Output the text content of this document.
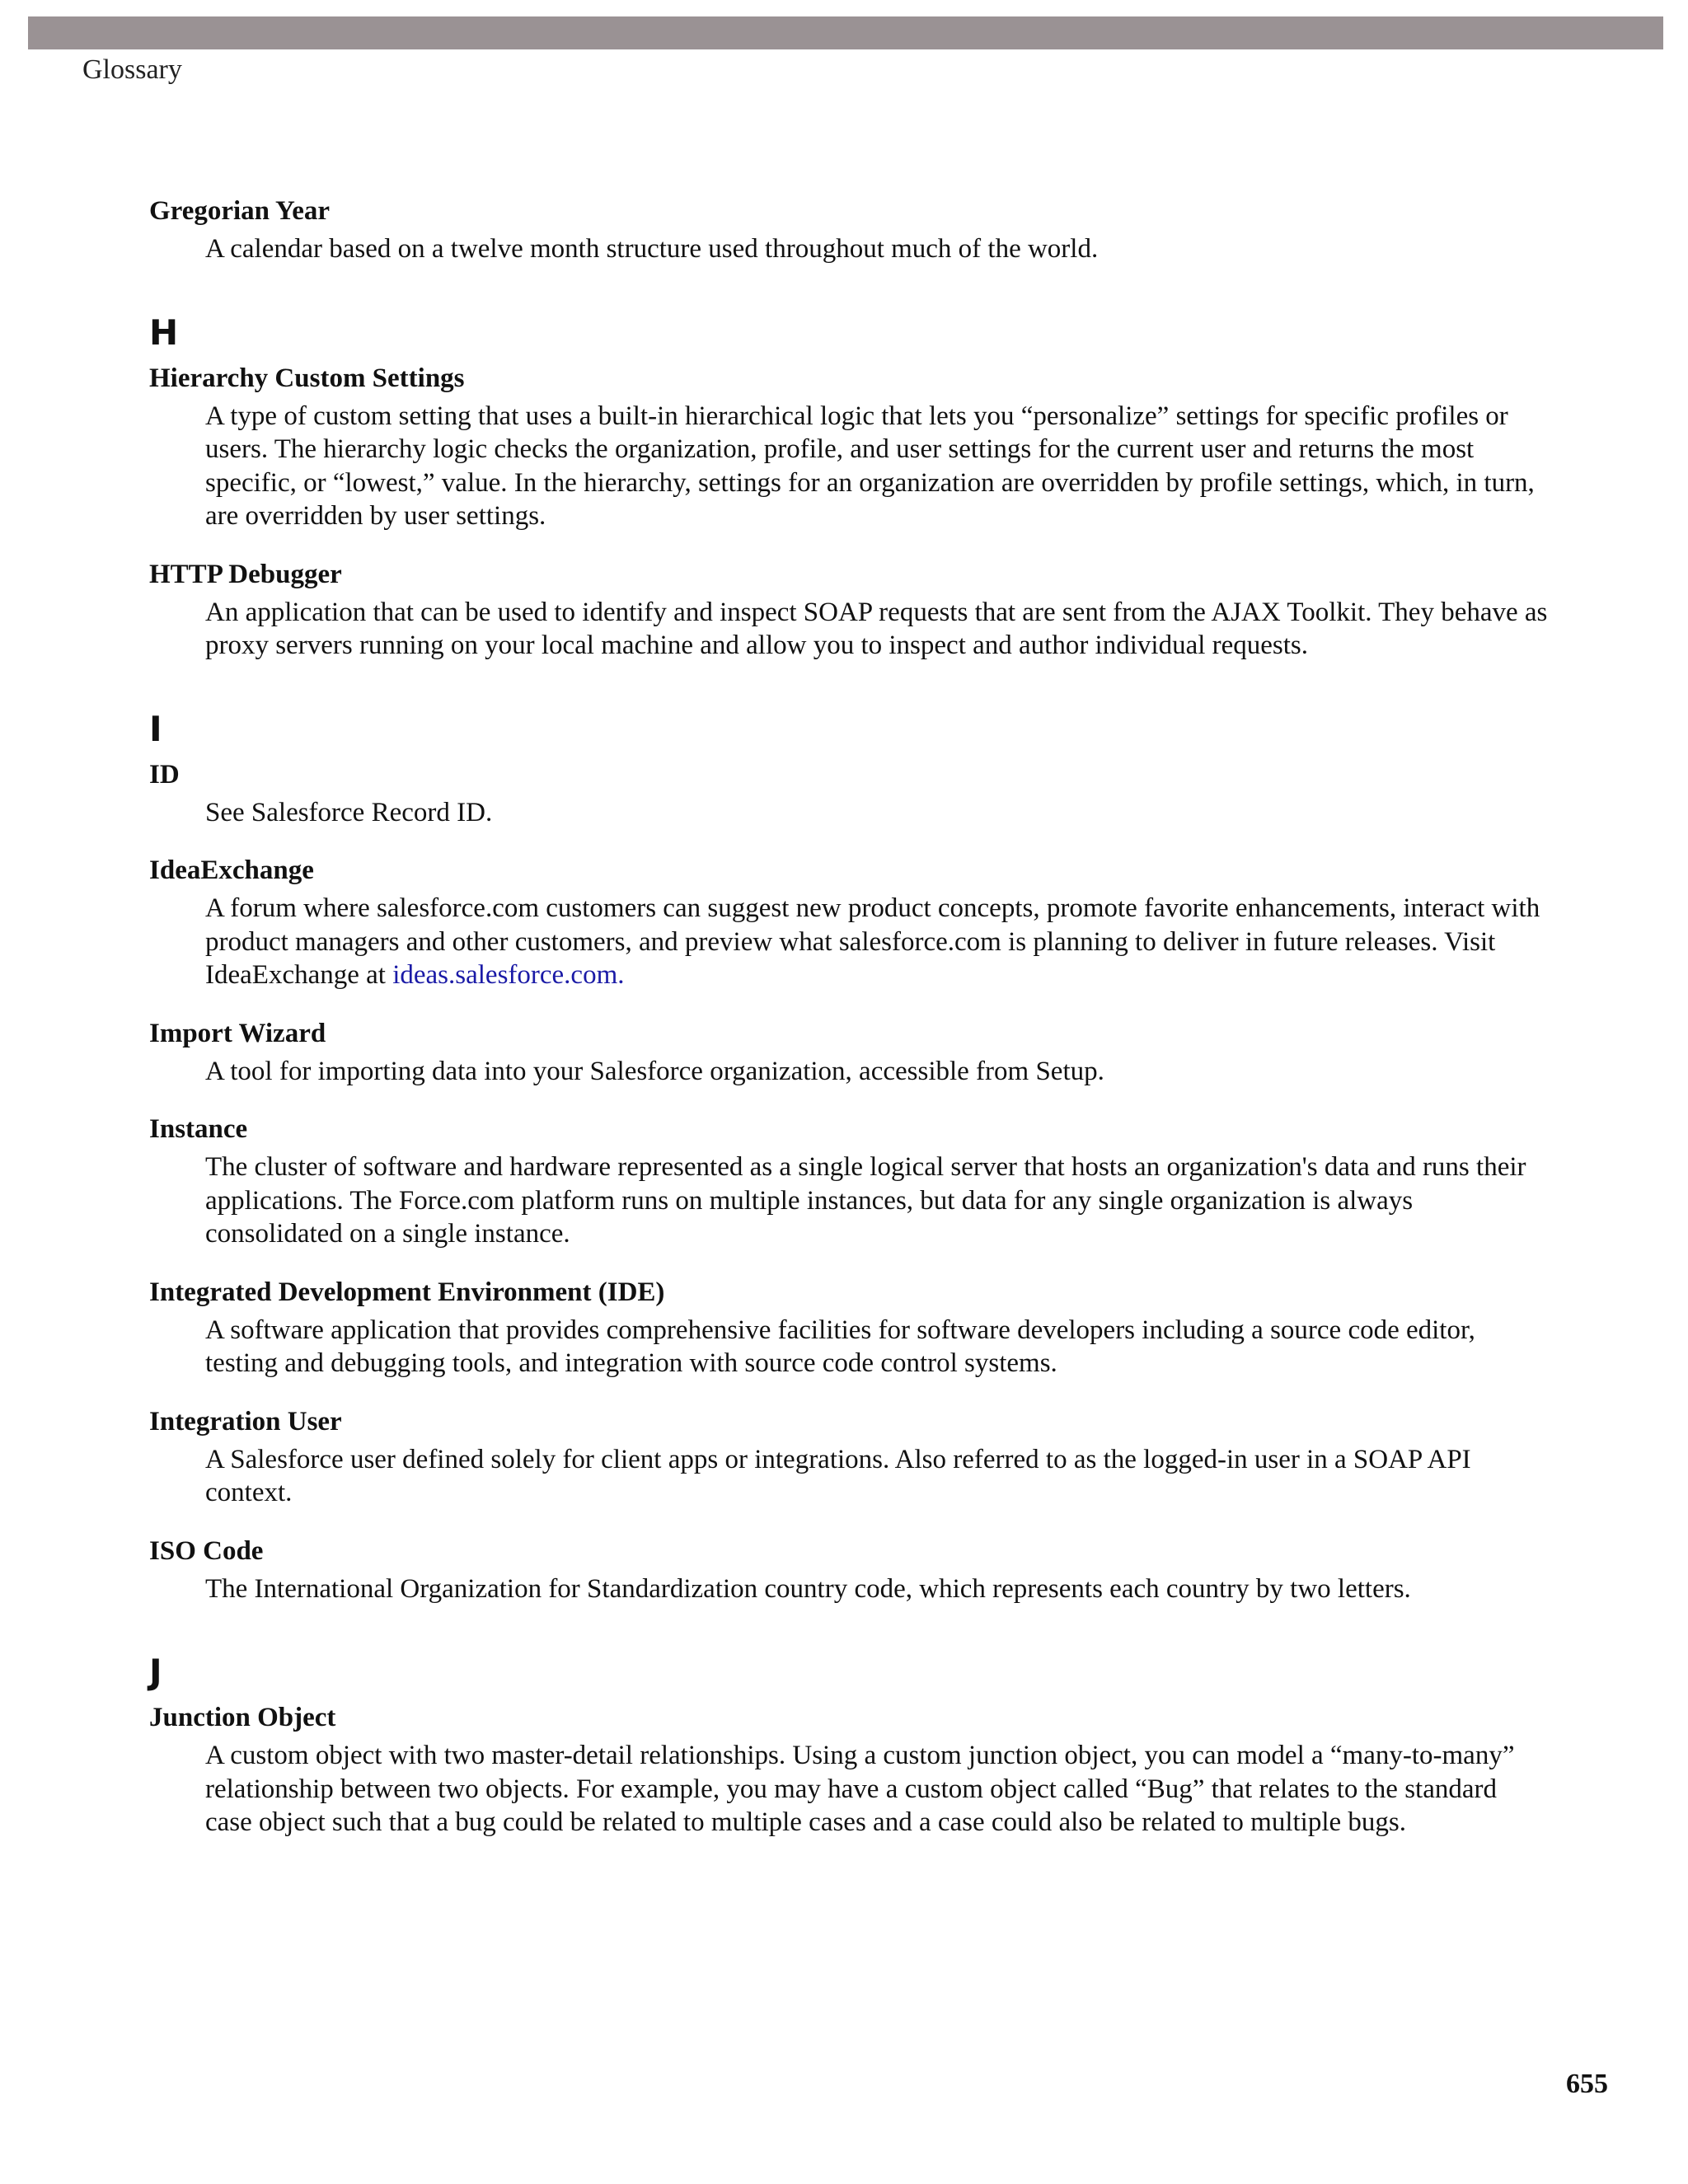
Glossary
Gregorian Year
A calendar based on a twelve month structure used throughout much of the world.
H
Hierarchy Custom Settings
A type of custom setting that uses a built-in hierarchical logic that lets you “personalize” settings for specific profiles or users. The hierarchy logic checks the organization, profile, and user settings for the current user and returns the most specific, or “lowest,” value. In the hierarchy, settings for an organization are overridden by profile settings, which, in turn, are overridden by user settings.
HTTP Debugger
An application that can be used to identify and inspect SOAP requests that are sent from the AJAX Toolkit. They behave as proxy servers running on your local machine and allow you to inspect and author individual requests.
I
ID
See Salesforce Record ID.
IdeaExchange
A forum where salesforce.com customers can suggest new product concepts, promote favorite enhancements, interact with product managers and other customers, and preview what salesforce.com is planning to deliver in future releases. Visit IdeaExchange at ideas.salesforce.com.
Import Wizard
A tool for importing data into your Salesforce organization, accessible from Setup.
Instance
The cluster of software and hardware represented as a single logical server that hosts an organization's data and runs their applications. The Force.com platform runs on multiple instances, but data for any single organization is always consolidated on a single instance.
Integrated Development Environment (IDE)
A software application that provides comprehensive facilities for software developers including a source code editor, testing and debugging tools, and integration with source code control systems.
Integration User
A Salesforce user defined solely for client apps or integrations. Also referred to as the logged-in user in a SOAP API context.
ISO Code
The International Organization for Standardization country code, which represents each country by two letters.
J
Junction Object
A custom object with two master-detail relationships. Using a custom junction object, you can model a “many-to-many” relationship between two objects. For example, you may have a custom object called “Bug” that relates to the standard case object such that a bug could be related to multiple cases and a case could also be related to multiple bugs.
655
